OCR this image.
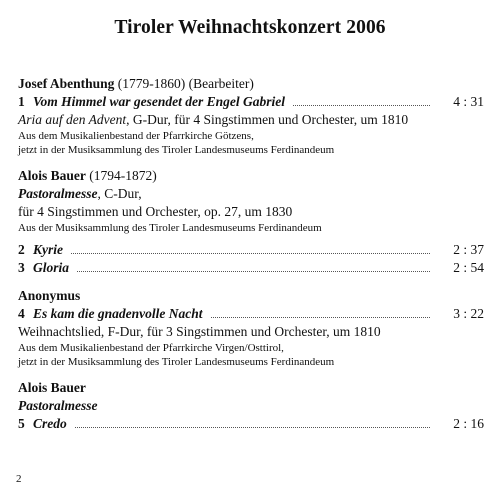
Tiroler Weihnachtskonzert 2006
Josef Abenthung (1779-1860) (Bearbeiter)
1 Vom Himmel war gesendet der Engel Gabriel	4 : 31
Aria auf den Advent, G-Dur, für 4 Singstimmen und Orchester, um 1810
Aus dem Musikalienbestand der Pfarrkirche Götzens,
jetzt in der Musiksammlung des Tiroler Landesmuseums Ferdinandeum
Alois Bauer (1794-1872)
Pastoralmesse, C-Dur,
für 4 Singstimmen und Orchester, op. 27, um 1830
Aus der Musiksammlung des Tiroler Landesmuseums Ferdinandeum
2 Kyrie	2 : 37
3 Gloria	2 : 54
Anonymus
4 Es kam die gnadenvolle Nacht	3 : 22
Weihnachtslied, F-Dur, für 3 Singstimmen und Orchester, um 1810
Aus dem Musikalienbestand der Pfarrkirche Virgen/Osttirol,
jetzt in der Musiksammlung des Tiroler Landesmuseums Ferdinandeum
Alois Bauer
Pastoralmesse
5 Credo	2 : 16
2
